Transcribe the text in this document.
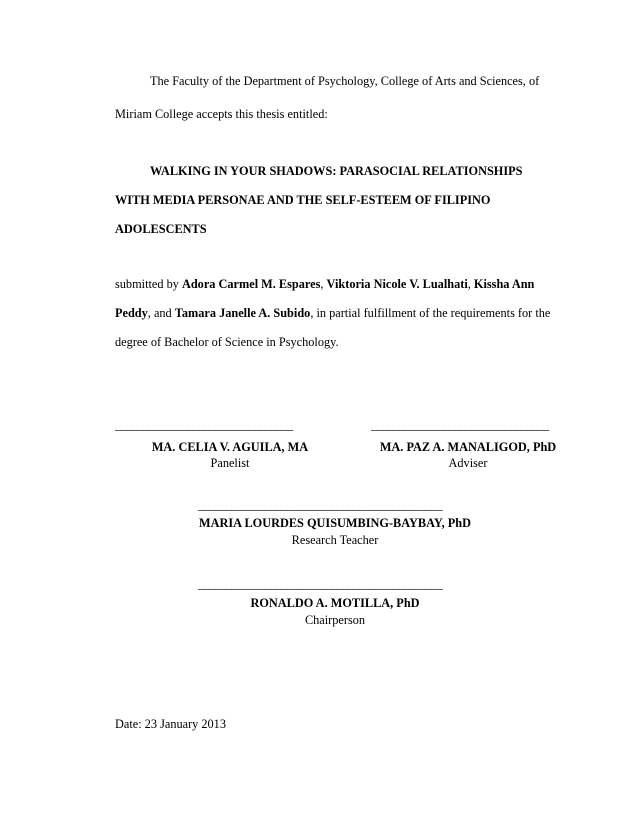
The Faculty of the Department of Psychology, College of Arts and Sciences, of
Miriam College accepts this thesis entitled:
WALKING IN YOUR SHADOWS: PARASOCIAL RELATIONSHIPS
WITH MEDIA PERSONAE AND THE SELF-ESTEEM OF FILIPINO
ADOLESCENTS
submitted by Adora Carmel M. Espares, Viktoria Nicole V. Lualhati, Kissha Ann
Peddy, and Tamara Janelle A. Subido, in partial fulfillment of the requirements for the
degree of Bachelor of Science in Psychology.
________________________________	________________________________
MA. CELIA V. AGUILA, MA
Panelist
MA. PAZ A. MANALIGOD, PhD
Adviser
____________________________________________
MARIA LOURDES QUISUMBING-BAYBAY, PhD
Research Teacher
____________________________________________
RONALDO A. MOTILLA, PhD
Chairperson
Date: 23 January 2013
